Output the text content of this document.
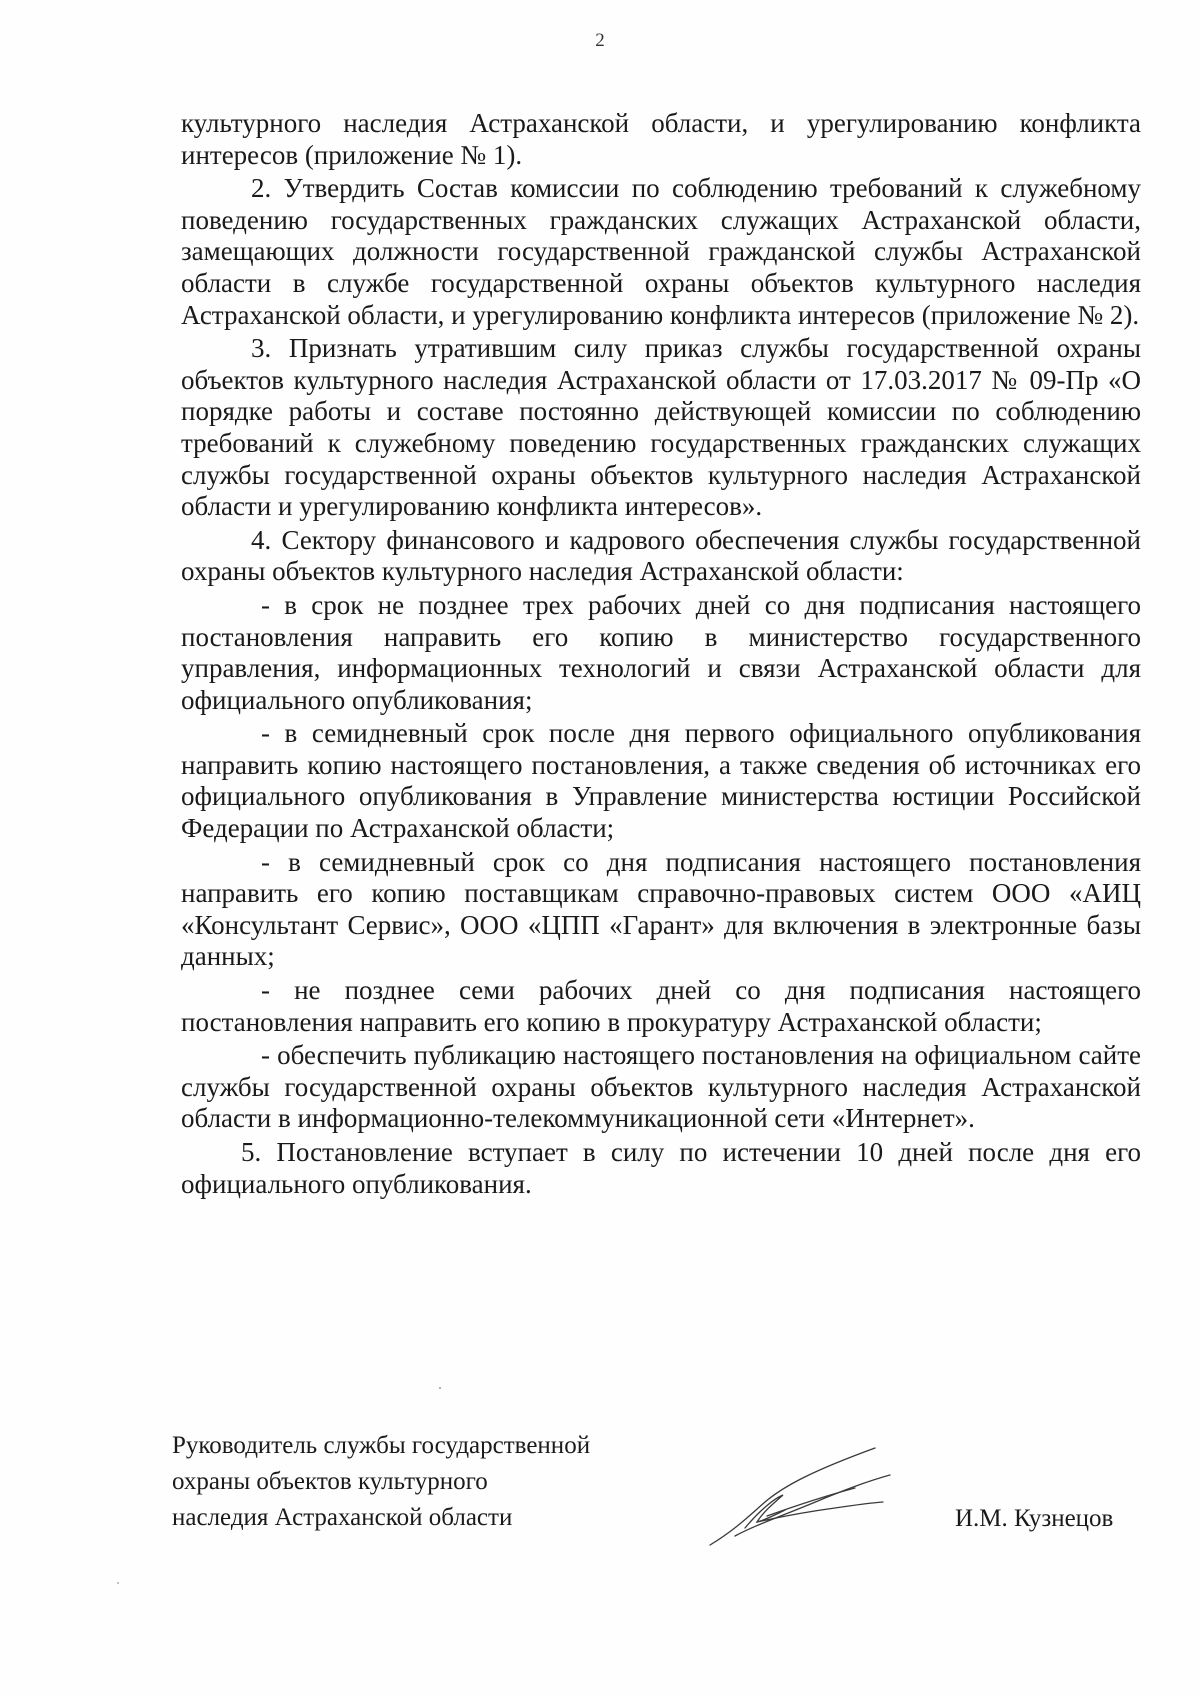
2

культурного наследия Астраханской области, и урегулированию конфликта интересов (приложение № 1).

2. Утвердить Состав комиссии по соблюдению требований к служебному поведению государственных гражданских служащих Астраханской области, замещающих должности государственной гражданской службы Астраханской области в службе государственной охраны объектов культурного наследия Астраханской области, и урегулированию конфликта интересов (приложение № 2).

3. Признать утратившим силу приказ службы государственной охраны объектов культурного наследия Астраханской области от 17.03.2017 № 09-Пр «О порядке работы и составе постоянно действующей комиссии по соблюдению требований к служебному поведению государственных гражданских служащих службы государственной охраны объектов культурного наследия Астраханской области и урегулированию конфликта интересов».

4. Сектору финансового и кадрового обеспечения службы государственной охраны объектов культурного наследия Астраханской области:

- в срок не позднее трех рабочих дней со дня подписания настоящего постановления направить его копию в министерство государственного управления, информационных технологий и связи Астраханской области для официального опубликования;

- в семидневный срок после дня первого официального опубликования направить копию настоящего постановления, а также сведения об источниках его официального опубликования в Управление министерства юстиции Российской Федерации по Астраханской области;

- в семидневный срок со дня подписания настоящего постановления направить его копию поставщикам справочно-правовых систем ООО «АИЦ «Консультант Сервис», ООО «ЦПП «Гарант» для включения в электронные базы данных;

- не позднее семи рабочих дней со дня подписания настоящего постановления направить его копию в прокуратуру Астраханской области;

- обеспечить публикацию настоящего постановления на официальном сайте службы государственной охраны объектов культурного наследия Астраханской области в информационно-телекоммуникационной сети «Интернет».

5. Постановление вступает в силу по истечении 10 дней после дня его официального опубликования.

Руководитель службы государственной
охраны объектов культурного
наследия Астраханской области	И.М. Кузнецов
